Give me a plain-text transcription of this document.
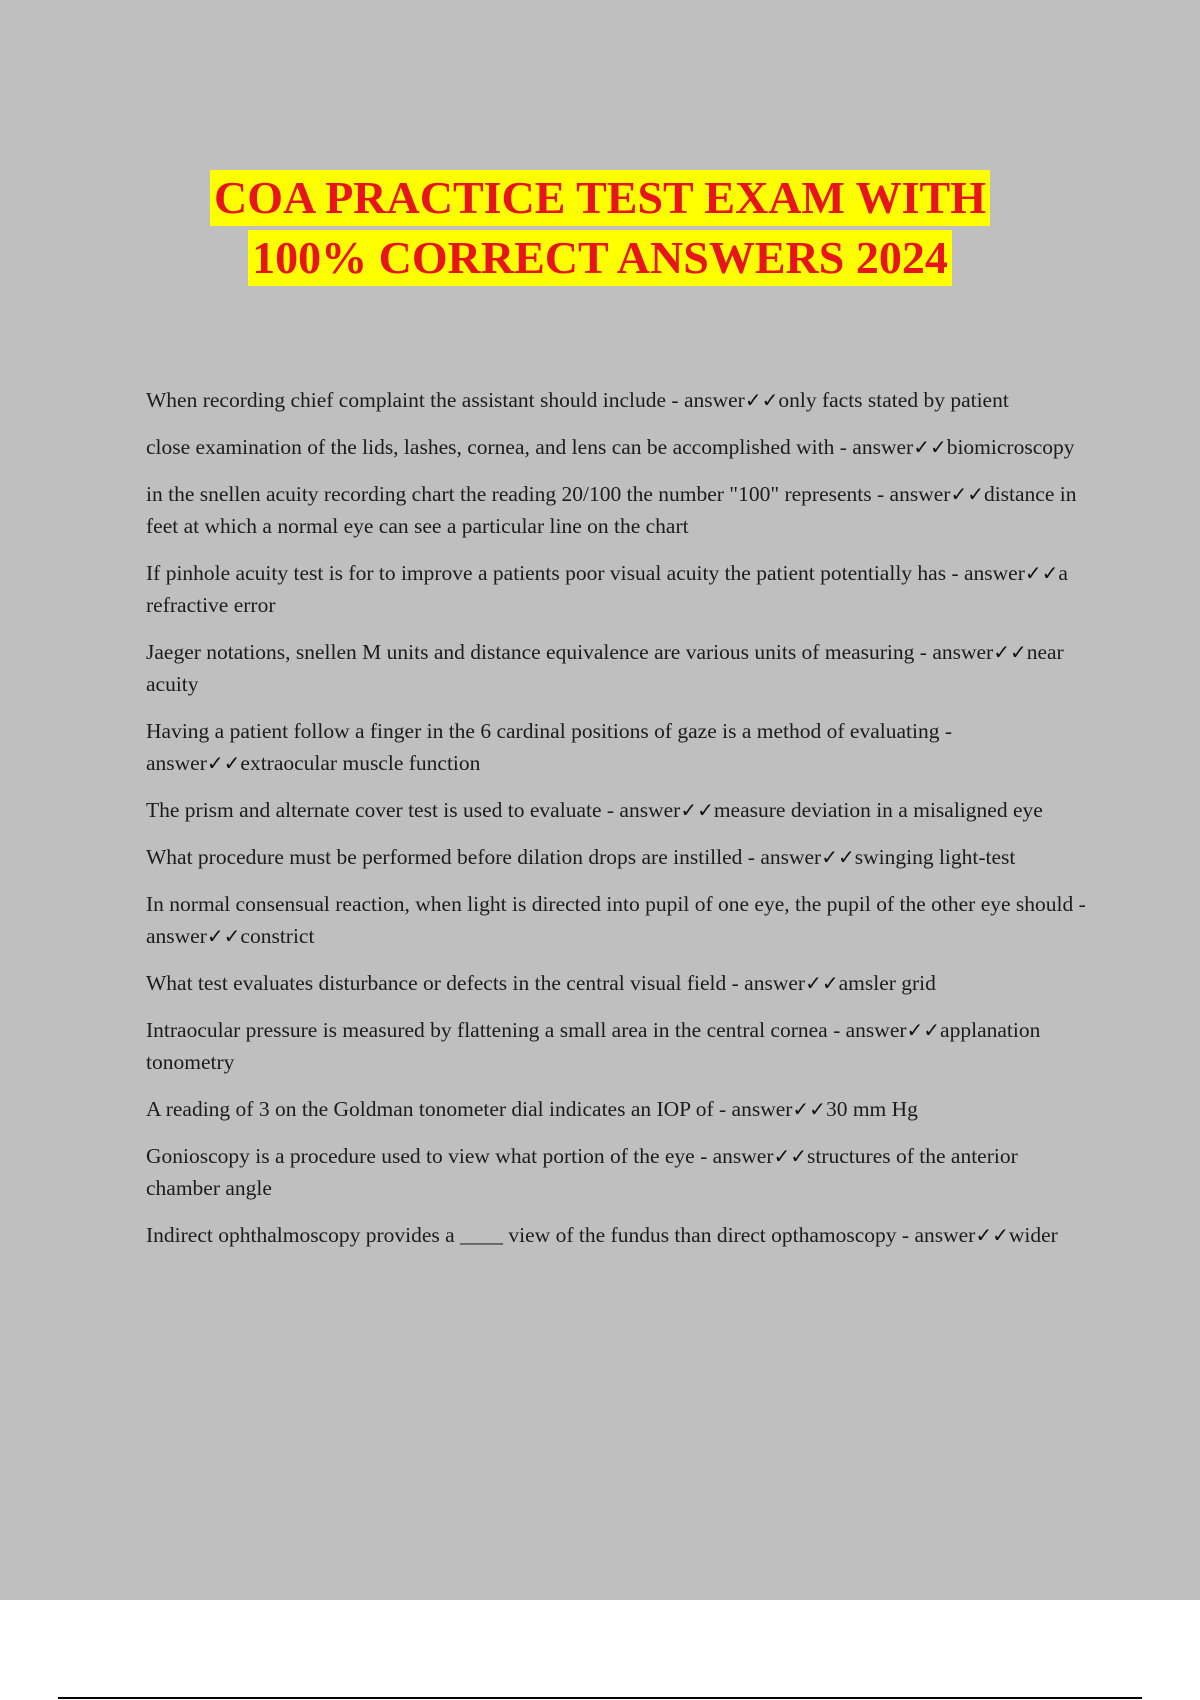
COA PRACTICE TEST EXAM WITH
100% CORRECT ANSWERS 2024

When recording chief complaint the assistant should include - answer✓✓only facts stated by patient

close examination of the lids, lashes, cornea, and lens can be accomplished with - answer✓✓biomicroscopy

in the snellen acuity recording chart the reading 20/100 the number "100" represents - answer✓✓distance in feet at which a normal eye can see a particular line on the chart

If pinhole acuity test is for to improve a patients poor visual acuity the patient potentially has - answer✓✓a refractive error

Jaeger notations, snellen M units and distance equivalence are various units of measuring - answer✓✓near acuity

Having a patient follow a finger in the 6 cardinal positions of gaze is a method of evaluating - answer✓✓extraocular muscle function

The prism and alternate cover test is used to evaluate - answer✓✓measure deviation in a misaligned eye

What procedure must be performed before dilation drops are instilled - answer✓✓swinging light-test

In normal consensual reaction, when light is directed into pupil of one eye, the pupil of the other eye should - answer✓✓constrict

What test evaluates disturbance or defects in the central visual field - answer✓✓amsler grid

Intraocular pressure is measured by flattening a small area in the central cornea - answer✓✓applanation tonometry

A reading of 3 on the Goldman tonometer dial indicates an IOP of - answer✓✓30 mm Hg

Gonioscopy is a procedure used to view what portion of the eye - answer✓✓structures of the anterior chamber angle

Indirect ophthalmoscopy provides a ____ view of the fundus than direct opthamoscopy - answer✓✓wider
